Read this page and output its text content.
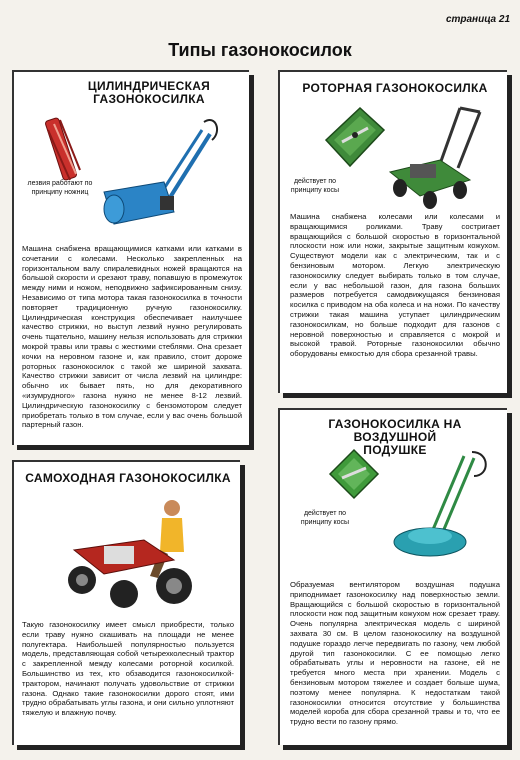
страница 21
Типы газонокосилок
ЦИЛИНДРИЧЕСКАЯ
ГАЗОНОКОСИЛКА
лезвия работают по принципу ножниц
Машина снабжена вращающимися катками или катками в сочетании с колесами. Несколько закрепленных на горизонтальном валу спиралевидных ножей вращаются на большой скорости и срезают траву, попавшую в промежуток между ними и ножом, неподвижно зафиксированным снизу. Независимо от типа мотора такая газонокосилка в точности повторяет традиционную ручную газонокосилку. Цилиндрическая конструкция обеспечивает наилучшее качество стрижки, но выступ лезвий нужно регулировать очень тщательно, машину нельзя использовать для стрижки мокрой травы или травы с жесткими стеблями. Она срезает кочки на неровном газоне и, как правило, стоит дороже роторных газонокосилок с такой же шириной захвата. Качество стрижки зависит от числа лезвий на цилиндре: обычно их бывает пять, но для декоративного «изумрудного» газона нужно не менее 8-12 лезвий. Цилиндрическую газонокосилку с бензомотором следует приобретать только в том случае, если у вас очень большой партерный газон.
РОТОРНАЯ ГАЗОНОКОСИЛКА
действует по принципу косы
Машина снабжена колесами или колесами и вращающимися роликами. Траву состригает вращающийся с большой скоростью в горизонтальной плоскости нож или ножи, закрытые защитным кожухом. Существуют модели как с электрическим, так и с бензиновым мотором. Легкую электрическую газонокосилку следует выбирать только в том случае, если у вас небольшой газон, для газона больших размеров потребуется самодвижущаяся бензиновая косилка с приводом на оба колеса и на ножи. По качеству стрижки такая машина уступает цилиндрическим газонокосилкам, но больше подходит для газонов с неровной поверхностью и справляется с мокрой и высокой травой. Роторные газонокосилки обычно оборудованы емкостью для сбора срезанной травы.
САМОХОДНАЯ ГАЗОНОКОСИЛКА
Такую газонокосилку имеет смысл приобрести, только если траву нужно скашивать на площади не менее полугектара. Наибольшей популярностью пользуется модель, представляющая собой четырехколесный трактор с закрепленной между колесами роторной косилкой. Большинство из тех, кто обзаводится газонокосилкой-трактором, начинают получать удовольствие от стрижки газона. Однако такие газонокосилки дорого стоят, ими трудно обрабатывать углы газона, и они сильно уплотняют тяжелую и влажную почву.
ГАЗОНОКОСИЛКА НА ВОЗДУШНОЙ
ПОДУШКЕ
действует по принципу косы
Образуемая вентилятором воздушная подушка приподнимает газонокосилку над поверхностью земли. Вращающийся с большой скоростью в горизонтальной плоскости нож под защитным кожухом нож срезает траву. Очень популярна электрическая модель с шириной захвата 30 см. В целом газонокосилку на воздушной подушке гораздо легче передвигать по газону, чем любой другой тип газонокосилки. С ее помощью легко обрабатывать углы и неровности на газоне, ей не требуется много места при хранении. Модель с бензиновым мотором тяжелее и создает больше шума, поэтому менее популярна. К недостаткам такой газонокосилки относится отсутствие у большинства моделей короба для сбора срезанной травы и то, что ее трудно вести по газону прямо.
